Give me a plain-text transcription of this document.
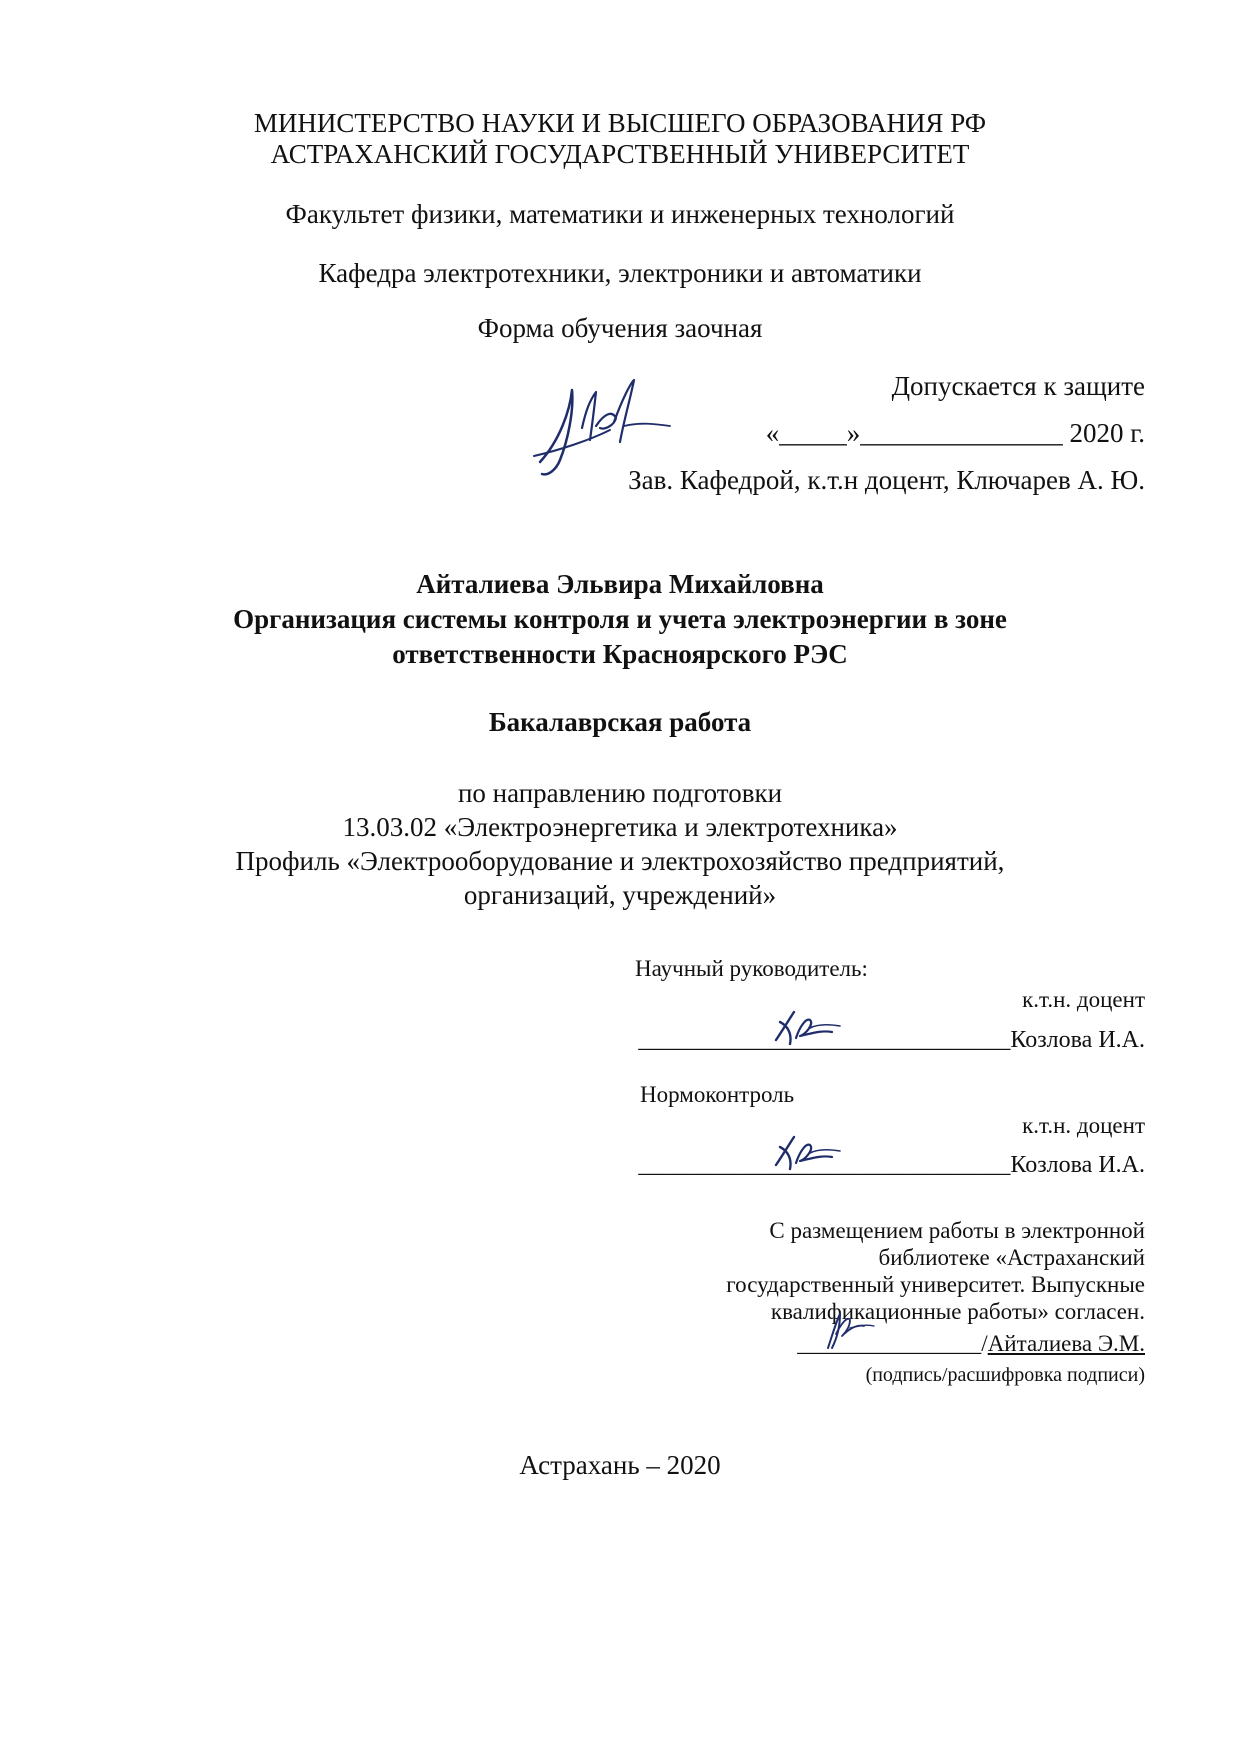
МИНИСТЕРСТВО НАУКИ И ВЫСШЕГО ОБРАЗОВАНИЯ РФ
АСТРАХАНСКИЙ ГОСУДАРСТВЕННЫЙ УНИВЕРСИТЕТ
Факультет физики, математики и инженерных технологий
Кафедра электротехники, электроники и автоматики
Форма обучения заочная
Допускается к защите
«_____»_______________ 2020 г.
Зав. Кафедрой, к.т.н доцент, Ключарев А. Ю.
Айталиева Эльвира Михайловна
Организация системы контроля и учета электроэнергии в зоне
ответственности Красноярского РЭС
Бакалаврская работа
по направлению подготовки
13.03.02 «Электроэнергетика и электротехника»
Профиль «Электрооборудование и электрохозяйство предприятий,
организаций, учреждений»
Научный руководитель:
к.т.н. доцент
_______________________________Козлова И.А.
Нормоконтроль
к.т.н. доцент
_______________________________Козлова И.А.
С размещением работы в электронной
библиотеке «Астраханский
государственный университет. Выпускные
квалификационные работы» согласен.
________________/Айталиева Э.М.
(подпись/расшифровка подписи)
Астрахань – 2020
